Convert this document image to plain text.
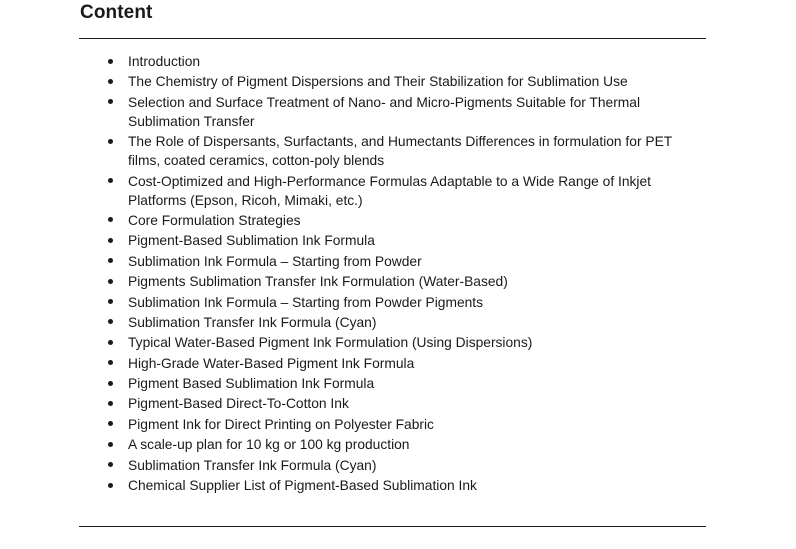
Content
Introduction
The Chemistry of Pigment Dispersions and Their Stabilization for Sublimation Use
Selection and Surface Treatment of Nano- and Micro-Pigments Suitable for Thermal Sublimation Transfer
The Role of Dispersants, Surfactants, and Humectants Differences in formulation for PET films, coated ceramics, cotton-poly blends
Cost-Optimized and High-Performance Formulas Adaptable to a Wide Range of Inkjet Platforms (Epson, Ricoh, Mimaki, etc.)
Core Formulation Strategies
Pigment-Based Sublimation Ink Formula
Sublimation Ink Formula – Starting from Powder
Pigments Sublimation Transfer Ink Formulation (Water-Based)
Sublimation Ink Formula – Starting from Powder Pigments
Sublimation Transfer Ink Formula (Cyan)
Typical Water-Based Pigment Ink Formulation (Using Dispersions)
High-Grade Water-Based Pigment Ink Formula
Pigment Based Sublimation Ink Formula
Pigment-Based Direct-To-Cotton Ink
Pigment Ink for Direct Printing on Polyester Fabric
A scale-up plan for 10 kg or 100 kg production
Sublimation Transfer Ink Formula (Cyan)
Chemical Supplier List of Pigment-Based Sublimation Ink
